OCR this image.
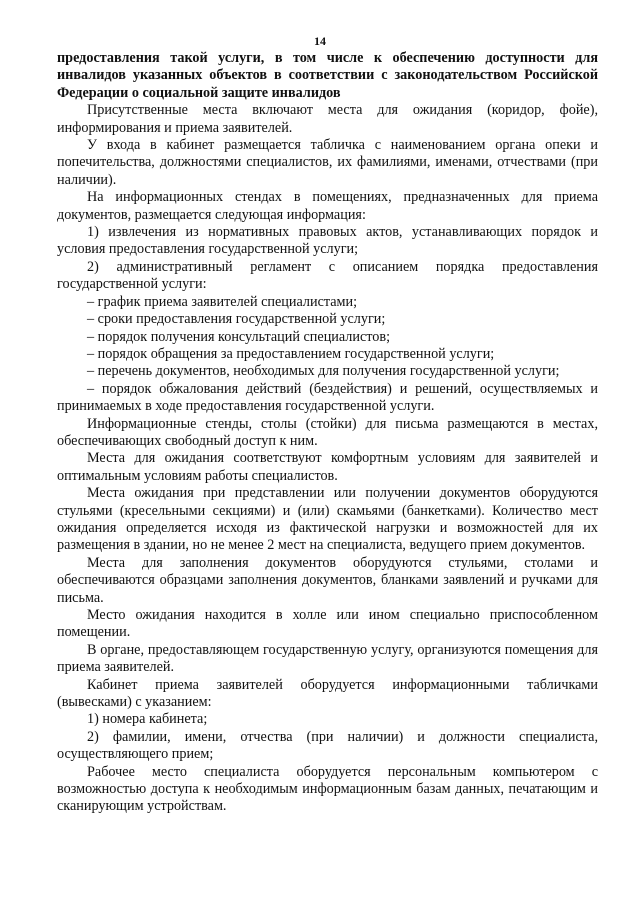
14

предоставления такой услуги, в том числе к обеспечению доступности для инвалидов указанных объектов в соответствии с законодательством Российской Федерации о социальной защите инвалидов

Присутственные места включают места для ожидания (коридор, фойе), информирования и приема заявителей.

У входа в кабинет размещается табличка с наименованием органа опеки и попечительства, должностями специалистов, их фамилиями, именами, отчествами (при наличии).

На информационных стендах в помещениях, предназначенных для приема документов, размещается следующая информация:

1) извлечения из нормативных правовых актов, устанавливающих порядок и условия предоставления государственной услуги;

2) административный регламент с описанием порядка предоставления государственной услуги:

– график приема заявителей специалистами;

– сроки предоставления государственной услуги;

– порядок получения консультаций специалистов;

– порядок обращения за предоставлением государственной услуги;

– перечень документов, необходимых для получения государственной услуги;

– порядок обжалования действий (бездействия) и решений, осуществляемых и принимаемых в ходе предоставления государственной услуги.

Информационные стенды, столы (стойки) для письма размещаются в местах, обеспечивающих свободный доступ к ним.

Места для ожидания соответствуют комфортным условиям для заявителей и оптимальным условиям работы специалистов.

Места ожидания при представлении или получении документов оборудуются стульями (кресельными секциями) и (или) скамьями (банкетками). Количество мест ожидания определяется исходя из фактической нагрузки и возможностей для их размещения в здании, но не менее 2 мест на специалиста, ведущего прием документов.

Места для заполнения документов оборудуются стульями, столами и обеспечиваются образцами заполнения документов, бланками заявлений и ручками для письма.

Место ожидания находится в холле или ином специально приспособленном помещении.

В органе, предоставляющем государственную услугу, организуются помещения для приема заявителей.

Кабинет приема заявителей оборудуется информационными табличками (вывесками) с указанием:

1) номера кабинета;

2) фамилии, имени, отчества (при наличии) и должности специалиста, осуществляющего прием;

Рабочее место специалиста оборудуется персональным компьютером с возможностью доступа к необходимым информационным базам данных, печатающим и сканирующим устройствам.
